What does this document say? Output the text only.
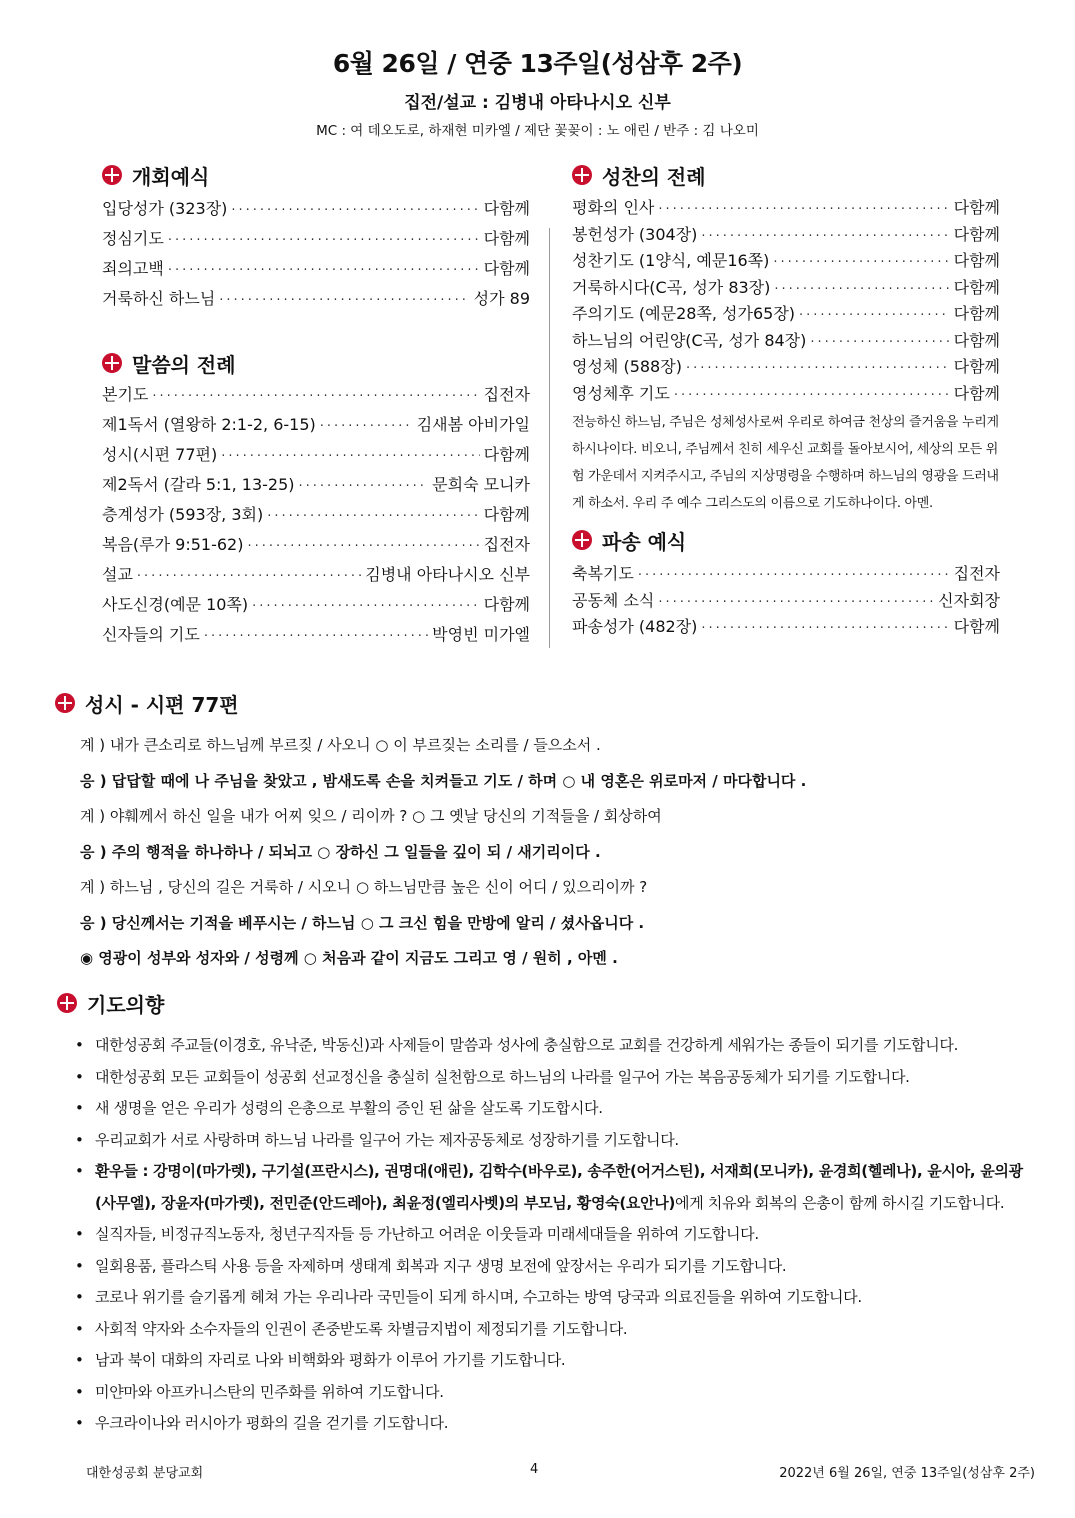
6월 26일 / 연중 13주일(성삼후 2주)
집전/설교 : 김병내 아타나시오 신부
MC : 여 데오도로, 하재현 미카엘 / 제단 꽃꽂이 : 노 애린 / 반주 : 김 나오미
개회예식
입당성가 (323장) ·····	다함께
정심기도 ·····	다함께
죄의고백 ·····	다함께
거룩하신 하느님 ·····	성가 89
말씀의 전례
본기도 ·····	집전자
제1독서 (열왕하 2:1-2, 6-15) ·····	김새봄 아비가일
성시(시편 77편) ·····	다함께
제2독서 (갈라 5:1, 13-25) ·····	문희숙 모니카
층계성가 (593장, 3회) ·····	다함께
복음(루가 9:51-62) ·····	집전자
설교 ·····	김병내 아타나시오 신부
사도신경(예문 10쪽) ·····	다함께
신자들의 기도 ·····	박영빈 미가엘
성찬의 전례
평화의 인사 ·····	다함께
봉헌성가 (304장) ·····	다함께
성찬기도 (1양식, 예문16쪽) ·····	다함께
거룩하시다(C곡, 성가 83장) ·····	다함께
주의기도 (예문28쪽, 성가65장) ·····	다함께
하느님의 어린양(C곡, 성가 84장) ·····	다함께
영성체 (588장) ·····	다함께
영성체후 기도 ·····	다함께
전능하신 하느님, 주님은 성체성사로써 우리로 하여금 천상의 즐거움을 누리게 하시나이다. 비오니, 주님께서 친히 세우신 교회를 돌아보시어, 세상의 모든 위험 가운데서 지켜주시고, 주님의 지상명령을 수행하며 하느님의 영광을 드러내게 하소서. 우리 주 예수 그리스도의 이름으로 기도하나이다. 아멘.
파송 예식
축복기도 ·····	집전자
공동체 소식 ·····	신자회장
파송성가 (482장) ·····	다함께
성시 - 시편 77편
계 ) 내가 큰소리로 하느님께 부르짖 / 사오니 ○ 이 부르짖는 소리를 / 들으소서 .
응 ) 답답할 때에 나 주님을 찾았고 , 밤새도록 손을 치켜들고 기도 / 하며 ○ 내 영혼은 위로마저 / 마다합니다 .
계 ) 야훼께서 하신 일을 내가 어찌 잊으 / 리이까 ? ○ 그 옛날 당신의 기적들을 / 회상하여
응 ) 주의 행적을 하나하나 / 되뇌고 ○ 장하신 그 일들을 깊이 되 / 새기리이다 .
계 ) 하느님 , 당신의 길은 거룩하 / 시오니 ○ 하느님만큼 높은 신이 어디 / 있으리이까 ?
응 ) 당신께서는 기적을 베푸시는 / 하느님 ○ 그 크신 힘을 만방에 알리 / 셨사옵니다 .
◉ 영광이 성부와 성자와 / 성령께 ○ 처음과 같이 지금도 그리고 영 / 원히 , 아멘 .
기도의향
• 대한성공회 주교들(이경호, 유낙준, 박동신)과 사제들이 말씀과 성사에 충실함으로 교회를 건강하게 세워가는 종들이 되기를 기도합니다.
• 대한성공회 모든 교회들이 성공회 선교정신을 충실히 실천함으로 하느님의 나라를 일구어 가는 복음공동체가 되기를 기도합니다.
• 새 생명을 얻은 우리가 성령의 은총으로 부활의 증인 된 삶을 살도록 기도합시다.
• 우리교회가 서로 사랑하며 하느님 나라를 일구어 가는 제자공동체로 성장하기를 기도합니다.
• 환우들 : 강명이(마가렛), 구기설(프란시스), 권명대(애린), 김학수(바우로), 송주한(어거스틴), 서재희(모니카), 윤경희(헬레나), 윤시아, 윤의광(사무엘), 장윤자(마가렛), 전민준(안드레아), 최윤정(엘리사벳)의 부모님, 황영숙(요안나)에게 치유와 회복의 은총이 함께 하시길 기도합니다.
• 실직자들, 비정규직노동자, 청년구직자들 등 가난하고 어려운 이웃들과 미래세대들을 위하여 기도합니다.
• 일회용품, 플라스틱 사용 등을 자제하며 생태계 회복과 지구 생명 보전에 앞장서는 우리가 되기를 기도합니다.
• 코로나 위기를 슬기롭게 헤쳐 가는 우리나라 국민들이 되게 하시며, 수고하는 방역 당국과 의료진들을 위하여 기도합니다.
• 사회적 약자와 소수자들의 인권이 존중받도록 차별금지법이 제정되기를 기도합니다.
• 남과 북이 대화의 자리로 나와 비핵화와 평화가 이루어 가기를 기도합니다.
• 미얀마와 아프카니스탄의 민주화를 위하여 기도합니다.
• 우크라이나와 러시아가 평화의 길을 걷기를 기도합니다.
대한성공회 분당교회	4	2022년 6월 26일, 연중 13주일(성삼후 2주)
